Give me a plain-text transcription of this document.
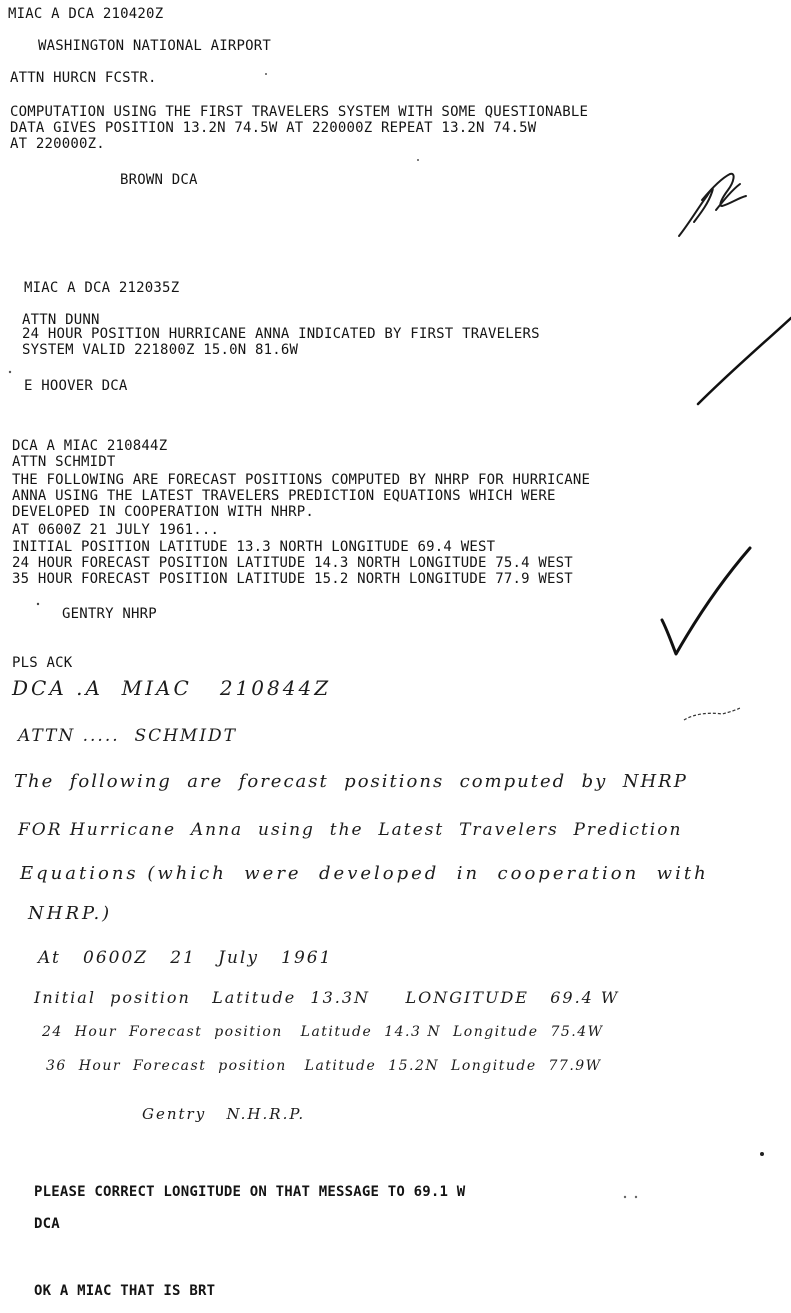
MIAC A DCA 210420Z
WASHINGTON NATIONAL AIRPORT
ATTN HURCN FCSTR.
COMPUTATION USING THE FIRST TRAVELERS SYSTEM WITH SOME QUESTIONABLE
DATA GIVES POSITION 13.2N 74.5W AT 220000Z REPEAT 13.2N 74.5W
AT 220000Z.
BROWN DCA
MIAC A DCA 212035Z
ATTN DUNN
24 HOUR POSITION HURRICANE ANNA INDICATED BY FIRST TRAVELERS
SYSTEM VALID 221800Z 15.0N 81.6W
E HOOVER DCA
DCA A MIAC 210844Z
ATTN SCHMIDT
THE FOLLOWING ARE FORECAST POSITIONS COMPUTED BY NHRP FOR HURRICANE
ANNA USING THE LATEST TRAVELERS PREDICTION EQUATIONS WHICH WERE
DEVELOPED IN COOPERATION WITH NHRP.
AT 0600Z 21 JULY 1961...
INITIAL POSITION LATITUDE 13.3 NORTH LONGITUDE 69.4 WEST
24 HOUR FORECAST POSITION LATITUDE 14.3 NORTH LONGITUDE 75.4 WEST
35 HOUR FORECAST POSITION LATITUDE 15.2 NORTH LONGITUDE 77.9 WEST
GENTRY NHRP
PLS ACK
DCA .A  MIAC   210844Z
ATTN .....  SCHMIDT
The  following  are  forecast  positions  computed  by  NHRP
FOR Hurricane  Anna  using  the  Latest  Travelers  Prediction
Equations (which  were  developed  in  cooperation  with
NHRP.)
At   0600Z   21   July   1961
Initial  position   Latitude  13.3N     LONGITUDE   69.4 W
24  Hour  Forecast  position   Latitude  14.3 N  Longitude  75.4W
36  Hour  Forecast  position   Latitude  15.2N  Longitude  77.9W
Gentry   N.H.R.P.
PLEASE CORRECT LONGITUDE ON THAT MESSAGE TO 69.1 W
DCA
OK A MIAC THAT IS BRT
